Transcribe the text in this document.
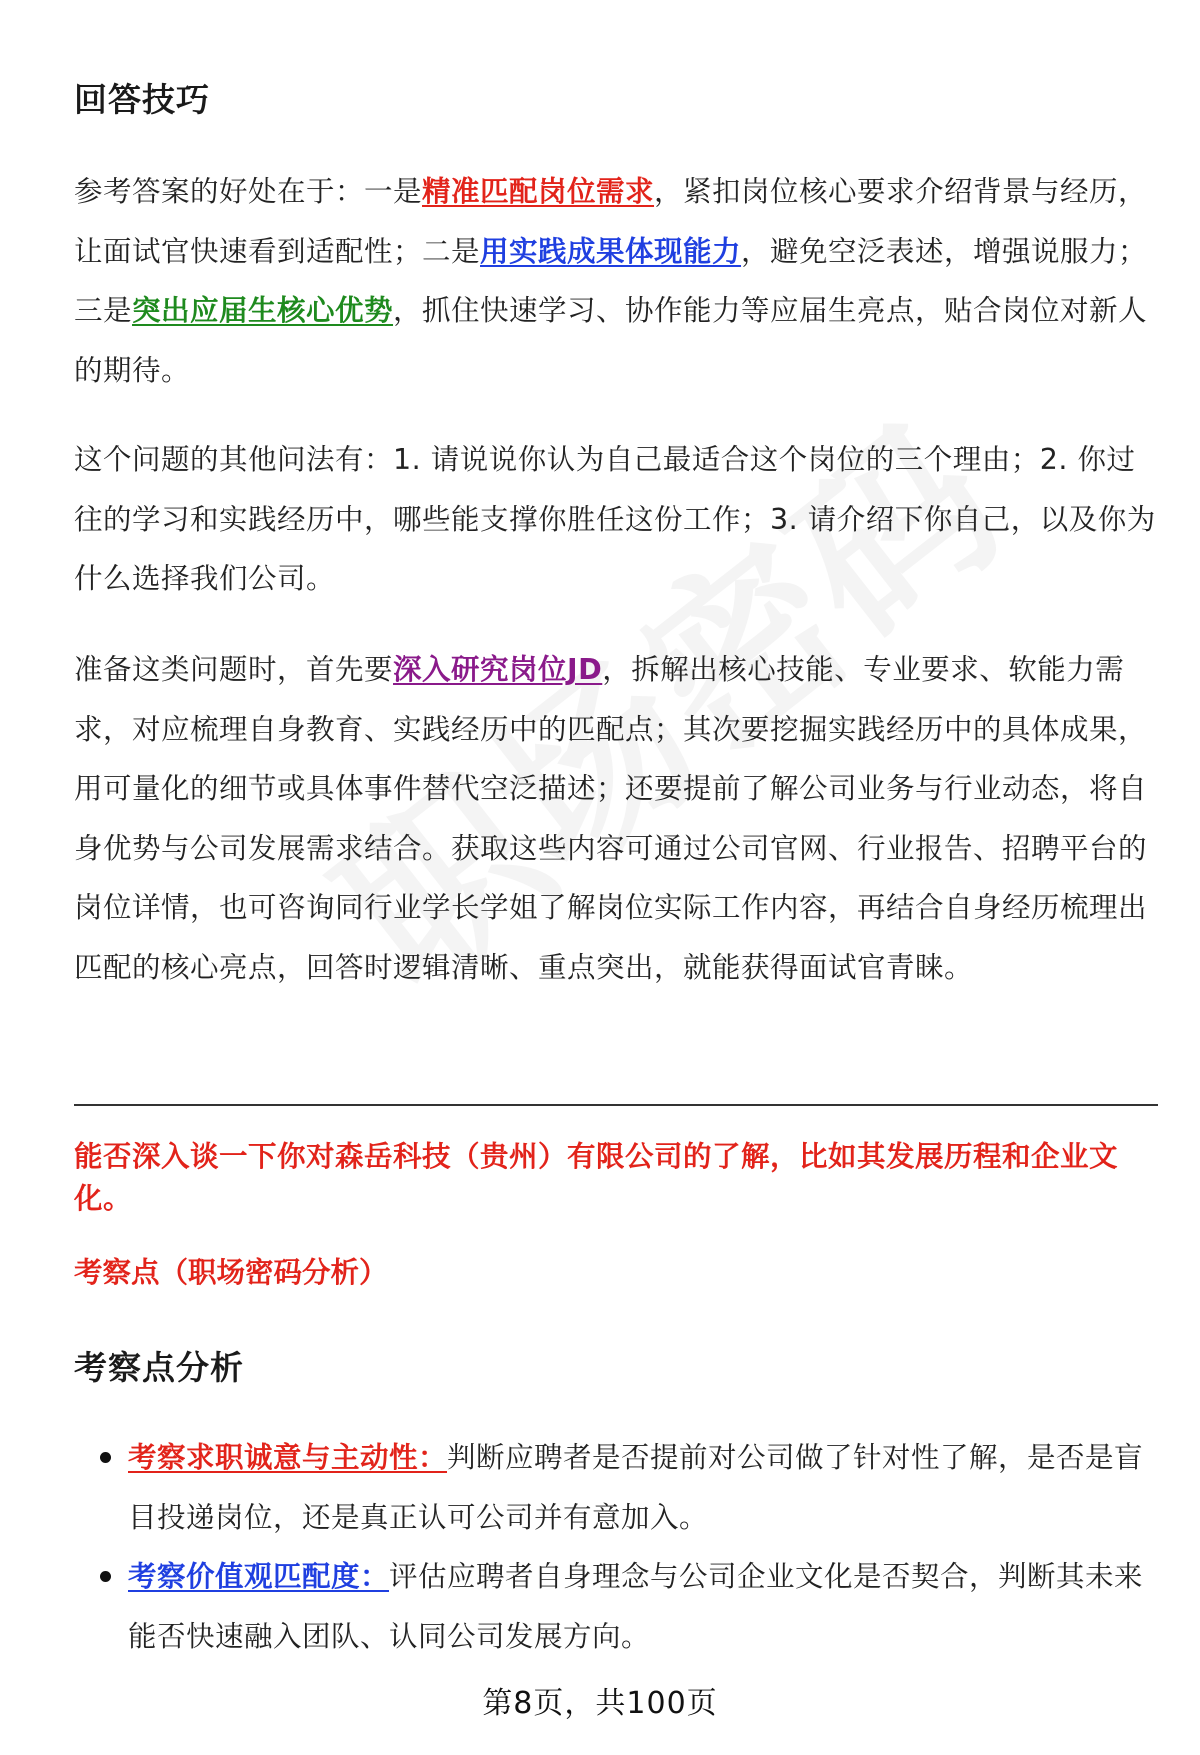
回答技巧

参考答案的好处在于：一是精准匹配岗位需求，紧扣岗位核心要求介绍背景与经历，让面试官快速看到适配性；二是用实践成果体现能力，避免空泛表述，增强说服力；三是突出应届生核心优势，抓住快速学习、协作能力等应届生亮点，贴合岗位对新人的期待。

这个问题的其他问法有：1. 请说说你认为自己最适合这个岗位的三个理由；2. 你过往的学习和实践经历中，哪些能支撑你胜任这份工作；3. 请介绍下你自己，以及你为什么选择我们公司。

准备这类问题时，首先要深入研究岗位JD，拆解出核心技能、专业要求、软能力需求，对应梳理自身教育、实践经历中的匹配点；其次要挖掘实践经历中的具体成果，用可量化的细节或具体事件替代空泛描述；还要提前了解公司业务与行业动态，将自身优势与公司发展需求结合。获取这些内容可通过公司官网、行业报告、招聘平台的岗位详情，也可咨询同行业学长学姐了解岗位实际工作内容，再结合自身经历梳理出匹配的核心亮点，回答时逻辑清晰、重点突出，就能获得面试官青睐。

能否深入谈一下你对森岳科技（贵州）有限公司的了解，比如其发展历程和企业文化。

考察点（职场密码分析）

考察点分析
考察求职诚意与主动性：判断应聘者是否提前对公司做了针对性了解，是否是盲目投递岗位，还是真正认可公司并有意加入。
考察价值观匹配度：评估应聘者自身理念与公司企业文化是否契合，判断其未来能否快速融入团队、认同公司发展方向。
第8页，共100页
